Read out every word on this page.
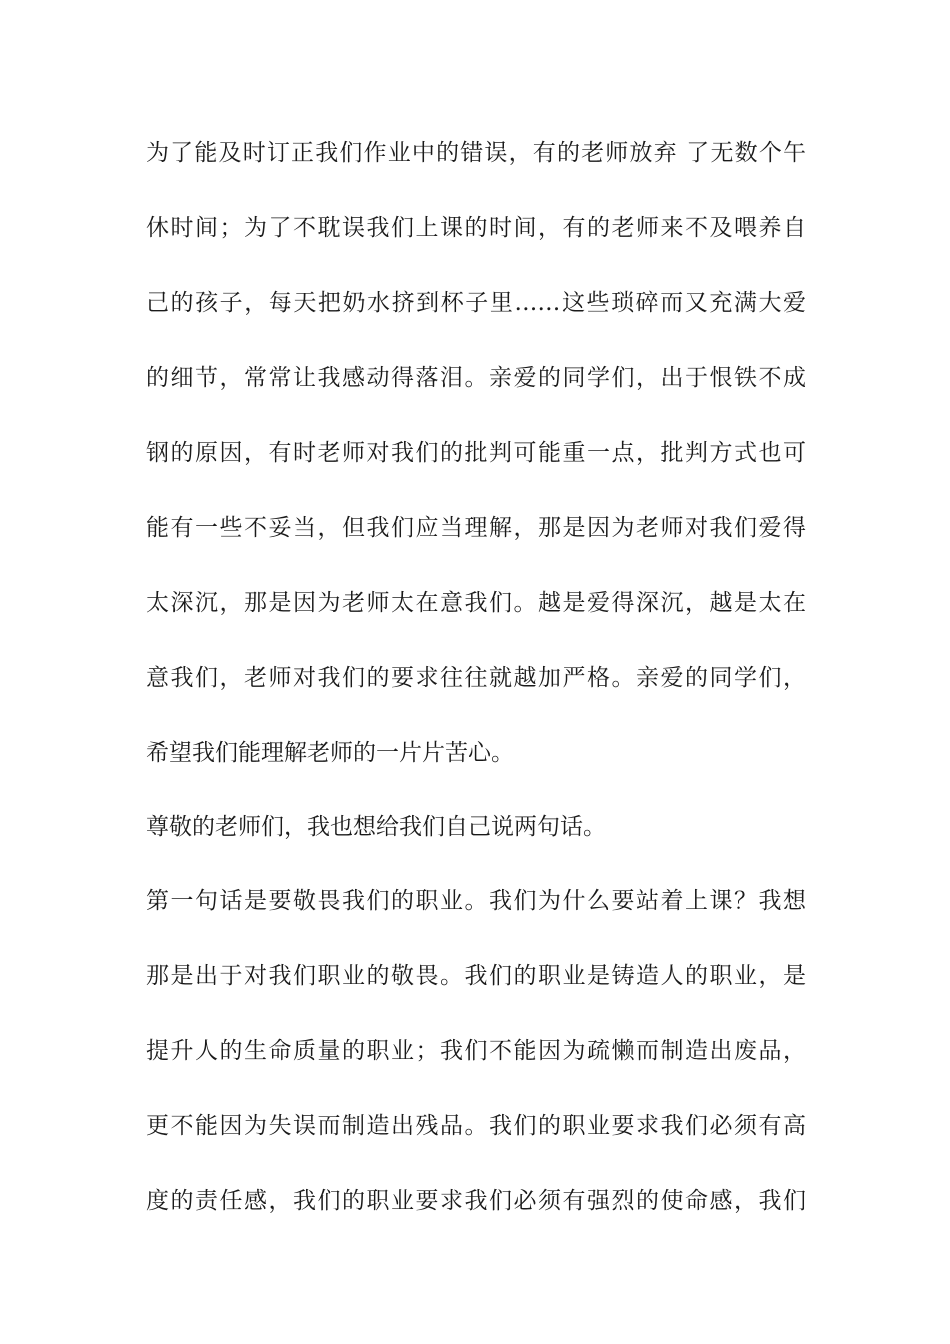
为了能及时订正我们作业中的错误，有的老师放弃 了无数个午
休时间；为了不耽误我们上课的时间，有的老师来不及喂养自
己的孩子，每天把奶水挤到杯子里……这些琐碎而又充满大爱
的细节，常常让我感动得落泪。亲爱的同学们，出于恨铁不成
钢的原因，有时老师对我们的批判可能重一点，批判方式也可
能有一些不妥当，但我们应当理解，那是因为老师对我们爱得
太深沉，那是因为老师太在意我们。越是爱得深沉，越是太在
意我们，老师对我们的要求往往就越加严格。亲爱的同学们，
希望我们能理解老师的一片片苦心。
尊敬的老师们，我也想给我们自己说两句话。
第一句话是要敬畏我们的职业。我们为什么要站着上课？我想
那是出于对我们职业的敬畏。我们的职业是铸造人的职业，是
提升人的生命质量的职业；我们不能因为疏懒而制造出废品，
更不能因为失误而制造出残品。我们的职业要求我们必须有高
度的责任感，我们的职业要求我们必须有强烈的使命感，我们
